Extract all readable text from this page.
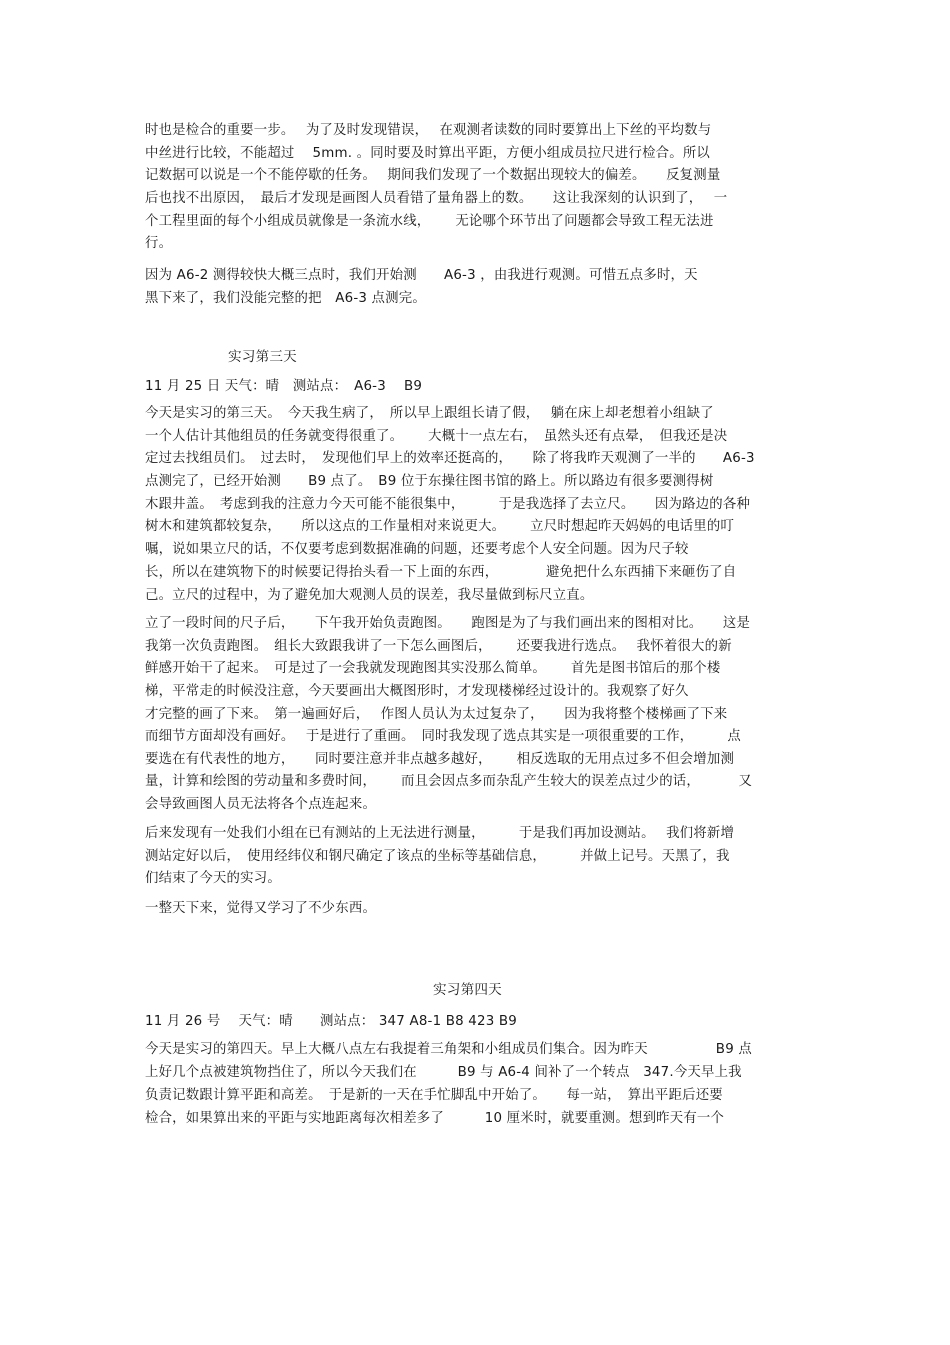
时也是检合的重要一步。　 为了及时发现错误，　 在观测者读数的同时要算出上下丝的平均数与

中丝进行比较，不能超过　 5mm. 。同时要及时算出平距，方便小组成员拉尺进行检合。所以

记数据可以说是一个不能停歇的任务。　 期间我们发现了一个数据出现较大的偏差。　　反复测量

后也找不出原因，　最后才发现是画图人员看错了量角器上的数。　　这让我深刻的认识到了，　 一

个工程里面的每个小组成员就像是一条流水线，　　 无论哪个环节出了问题都会导致工程无法进

行。

因为 A6-2 测得较快大概三点时，我们开始测　　A6-3 ，由我进行观测。可惜五点多时，天

黑下来了，我们没能完整的把　A6-3 点测完。

实习第三天

11 月 25 日 天气：晴　测站点：　A6-3　 B9

今天是实习的第三天。　今天我生病了，　所以早上跟组长请了假，　 躺在床上却老想着小组缺了

一个人估计其他组员的任务就变得很重了。　　 大概十一点左右，　虽然头还有点晕，　但我还是决

定过去找组员们。　过去时，　发现他们早上的效率还挺高的，　　除了将我昨天观测了一半的　　A6-3

点测完了，已经开始测　　B9 点了。　B9 位于东操往图书馆的路上。所以路边有很多要测得树

木跟井盖。　考虑到我的注意力今天可能不能很集中，　　　于是我选择了去立尺。　　因为路边的各种

树木和建筑都较复杂，　　所以这点的工作量相对来说更大。　　 立尺时想起昨天妈妈的电话里的叮

嘱，说如果立尺的话，不仅要考虑到数据准确的问题，还要考虑个人安全问题。因为尺子较

长，所以在建筑物下的时候要记得抬头看一下上面的东西，　　　　避免把什么东西捕下来砸伤了自

己。立尺的过程中，为了避免加大观测人员的误差，我尽量做到标尺立直。

立了一段时间的尺子后，　　下午我开始负责跑图。　　跑图是为了与我们画出来的图相对比。　　这是

我第一次负责跑图。　组长大致跟我讲了一下怎么画图后，　　 还要我进行选点。　 我怀着很大的新

鲜感开始干了起来。　可是过了一会我就发现跑图其实没那么简单。　　 首先是图书馆后的那个楼

梯，平常走的时候没注意，今天要画出大概图形时，才发现楼梯经过设计的。我观察了好久

才完整的画了下来。　第一遍画好后，　 作图人员认为太过复杂了，　　因为我将整个楼梯画了下来

而细节方面却没有画好。　 于是进行了重画。　同时我发现了选点其实是一项很重要的工作，　　　点

要选在有代表性的地方，　　同时要注意并非点越多越好，　　 相反选取的无用点过多不但会增加测

量，计算和绘图的劳动量和多费时间，　　 而且会因点多而杂乱产生较大的误差点过少的话，　　　 又

会导致画图人员无法将各个点连起来。

后来发现有一处我们小组在已有测站的上无法进行测量，　　　于是我们再加设测站。　 我们将新增

测站定好以后，　使用经纬仪和钢尺确定了该点的坐标等基础信息，　　　并做上记号。天黑了，我

们结束了今天的实习。

一整天下来，觉得又学习了不少东西。

实习第四天

11 月 26 号　 天气：晴　　测站点： 347 A8-1 B8 423 B9

今天是实习的第四天。早上大概八点左右我提着三角架和小组成员们集合。因为昨天　　　　　B9 点

上好几个点被建筑物挡住了，所以今天我们在　　　B9 与 A6-4 间补了一个转点　347.今天早上我

负责记数跟计算平距和高差。　于是新的一天在手忙脚乱中开始了。　　每一站，　算出平距后还要

检合，如果算出来的平距与实地距离每次相差多了　　　10 厘米时，就要重测。想到昨天有一个
